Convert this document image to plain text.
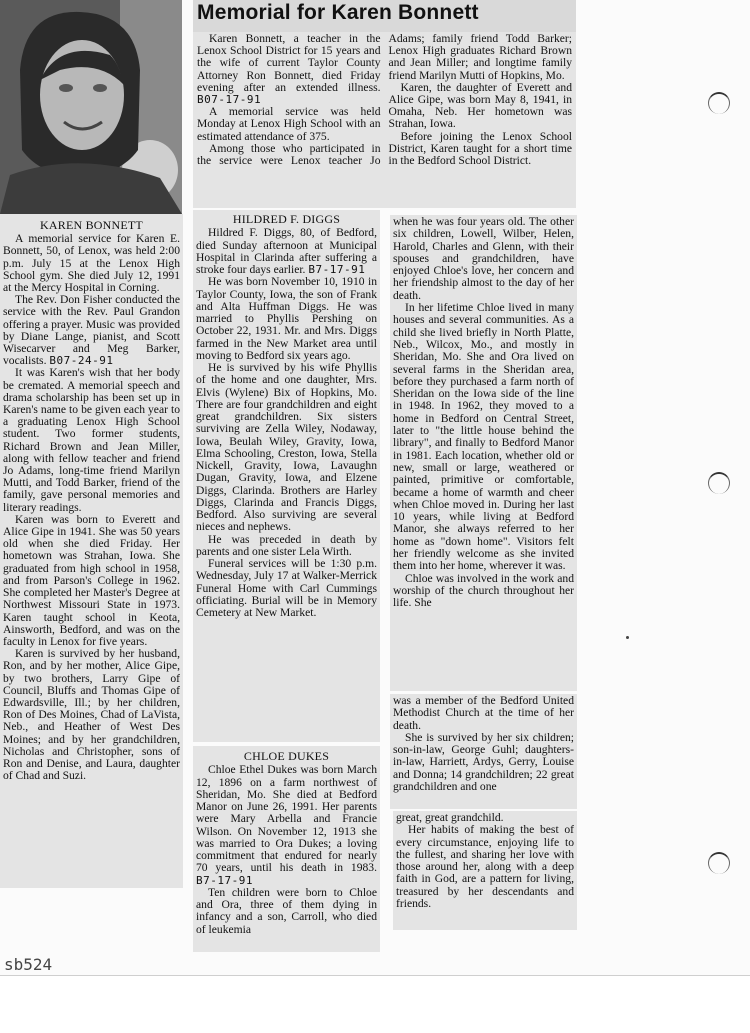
KAREN BONNETT

A memorial service for Karen E. Bonnett, 50, of Lenox, was held 2:00 p.m. July 15 at the Lenox High School gym. She died July 12, 1991 at the Mercy Hospital in Corning.

The Rev. Don Fisher conducted the service with the Rev. Paul Grandon offering a prayer. Music was provided by Diane Lange, pianist, and Scott Wisecarver and Meg Barker, vocalists. B07-24-91

It was Karen's wish that her body be cremated. A memorial speech and drama scholarship has been set up in Karen's name to be given each year to a graduating Lenox High School student. Two former students, Richard Brown and Jean Miller, along with fellow teacher and friend Jo Adams, long-time friend Marilyn Mutti, and Todd Barker, friend of the family, gave personal memories and literary readings.

Karen was born to Everett and Alice Gipe in 1941. She was 50 years old when she died Friday. Her hometown was Strahan, Iowa. She graduated from high school in 1958, and from Parson's College in 1962. She completed her Master's Degree at Northwest Missouri State in 1973. Karen taught school in Keota, Ainsworth, Bedford, and was on the faculty in Lenox for five years.

Karen is survived by her husband, Ron, and by her mother, Alice Gipe, by two brothers, Larry Gipe of Council, Bluffs and Thomas Gipe of Edwardsville, Ill.; by her children, Ron of Des Moines, Chad of LaVista, Neb., and Heather of West Des Moines; and by her grandchildren, Nicholas and Christopher, sons of Ron and Denise, and Laura, daughter of Chad and Suzi.

Memorial for Karen Bonnett

Karen Bonnett, a teacher in the Lenox School District for 15 years and the wife of current Taylor County Attorney Ron Bonnett, died Friday evening after an extended illness. B07-17-91

A memorial service was held Monday at Lenox High School with an estimated attendance of 375.

Among those who participated in the service were Lenox teacher Jo Adams; family friend Todd Barker; Lenox High graduates Richard Brown and Jean Miller; and longtime family friend Marilyn Mutti of Hopkins, Mo.

Karen, the daughter of Everett and Alice Gipe, was born May 8, 1941, in Omaha, Neb. Her hometown was Strahan, Iowa.

Before joining the Lenox School District, Karen taught for a short time in the Bedford School District.

HILDRED F. DIGGS

Hildred F. Diggs, 80, of Bedford, died Sunday afternoon at Municipal Hospital in Clarinda after suffering a stroke four days earlier. B7-17-91

He was born November 10, 1910 in Taylor County, Iowa, the son of Frank and Alta Huffman Diggs. He was married to Phyllis Pershing on October 22, 1931. Mr. and Mrs. Diggs farmed in the New Market area until moving to Bedford six years ago.

He is survived by his wife Phyllis of the home and one daughter, Mrs. Elvis (Wylene) Bix of Hopkins, Mo. There are four grandchildren and eight great grandchildren. Six sisters surviving are Zella Wiley, Nodaway, Iowa, Beulah Wiley, Gravity, Iowa, Elma Schooling, Creston, Iowa, Stella Nickell, Gravity, Iowa, Lavaughn Dugan, Gravity, Iowa, and Elzene Diggs, Clarinda. Brothers are Harley Diggs, Clarinda and Francis Diggs, Bedford. Also surviving are several nieces and nephews.

He was preceded in death by parents and one sister Lela Wirth.

Funeral services will be 1:30 p.m. Wednesday, July 17 at Walker-Merrick Funeral Home with Carl Cummings officiating. Burial will be in Memory Cemetery at New Market.

CHLOE DUKES

Chloe Ethel Dukes was born March 12, 1896 on a farm northwest of Sheridan, Mo. She died at Bedford Manor on June 26, 1991. Her parents were Mary Arbella and Francie Wilson. On November 12, 1913 she was married to Ora Dukes; a loving commitment that endured for nearly 70 years, until his death in 1983. B7-17-91

Ten children were born to Chloe and Ora, three of them dying in infancy and a son, Carroll, who died of leukemia

when he was four years old. The other six children, Lowell, Wilber, Helen, Harold, Charles and Glenn, with their spouses and grandchildren, have enjoyed Chloe's love, her concern and her friendship almost to the day of her death.

In her lifetime Chloe lived in many houses and several communities. As a child she lived briefly in North Platte, Neb., Wilcox, Mo., and mostly in Sheridan, Mo. She and Ora lived on several farms in the Sheridan area, before they purchased a farm north of Sheridan on the Iowa side of the line in 1948. In 1962, they moved to a home in Bedford on Central Street, later to "the little house behind the library", and finally to Bedford Manor in 1981. Each location, whether old or new, small or large, weathered or painted, primitive or comfortable, became a home of warmth and cheer when Chloe moved in. During her last 10 years, while living at Bedford Manor, she always referred to her home as "down home". Visitors felt her friendly welcome as she invited them into her home, wherever it was.

Chloe was involved in the work and worship of the church throughout her life. She

was a member of the Bedford United Methodist Church at the time of her death.

She is survived by her six children; son-in-law, George Guhl; daughters-in-law, Harriett, Ardys, Gerry, Louise and Donna; 14 grandchildren; 22 great grandchildren and one

great, great grandchild.

Her habits of making the best of every circumstance, enjoying life to the fullest, and sharing her love with those around her, along with a deep faith in God, are a pattern for living, treasured by her descendants and friends.

sb524
